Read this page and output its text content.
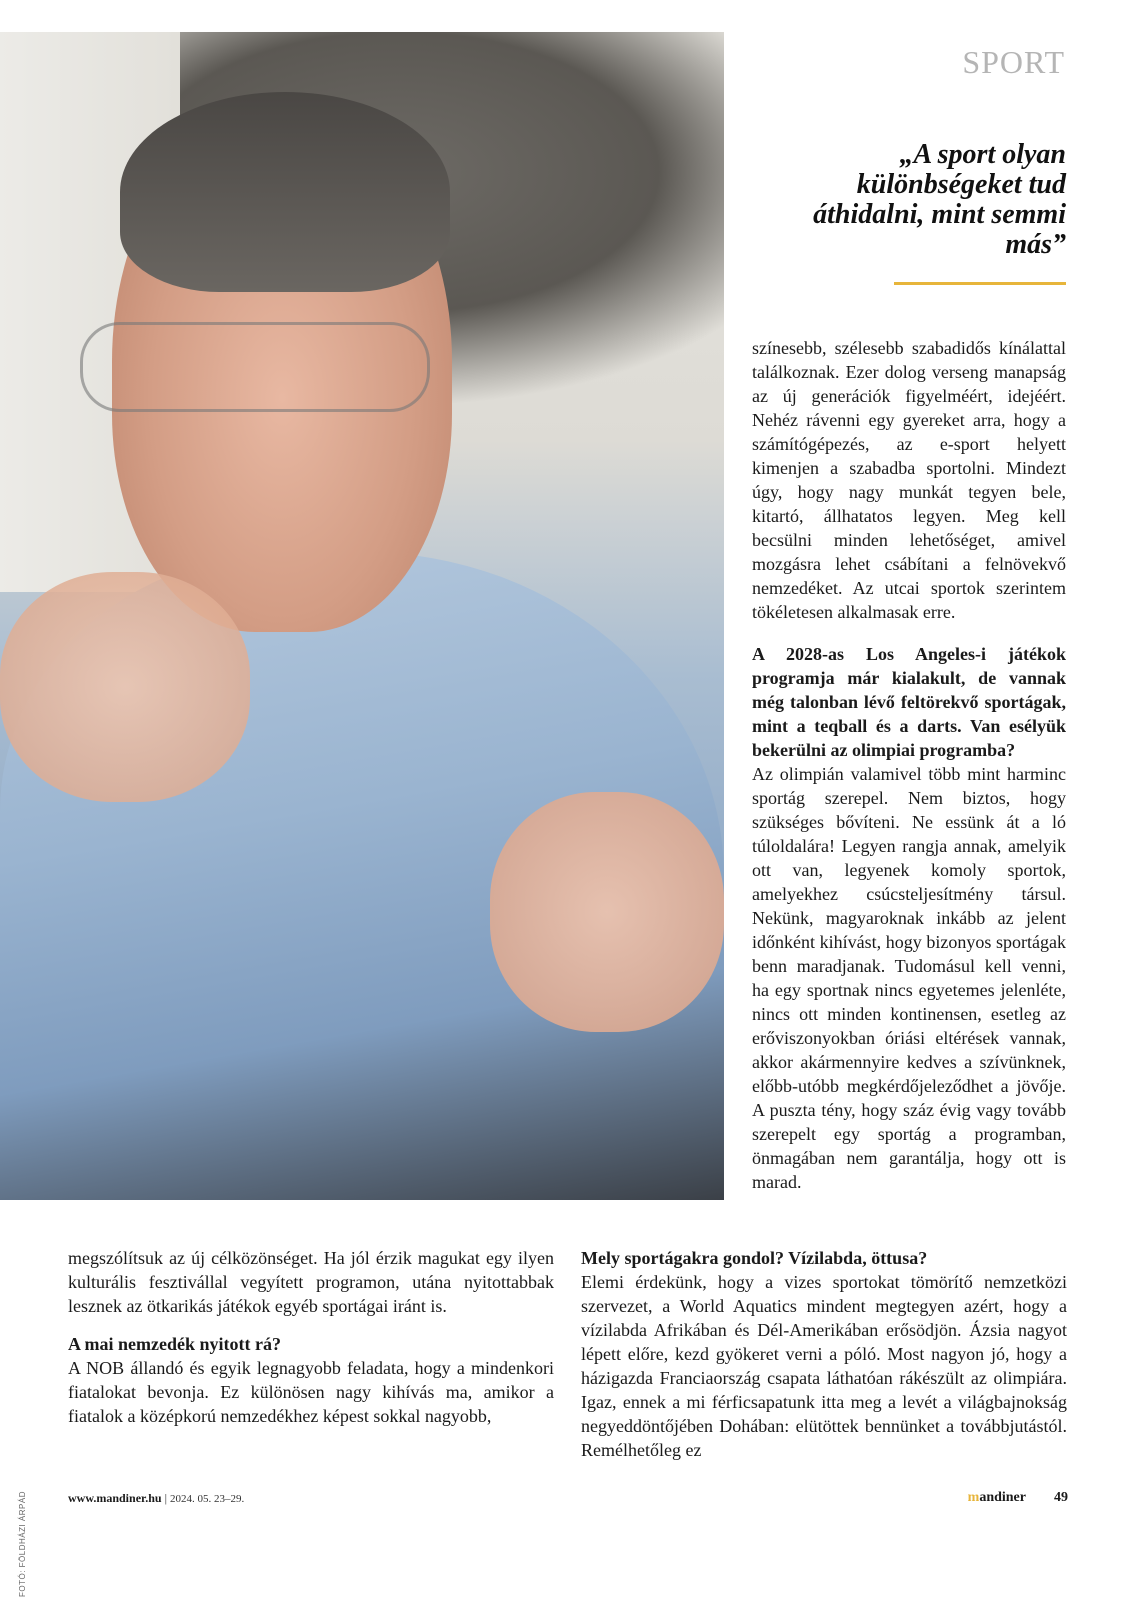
SPORT
„A sport olyan különbségeket tud áthidalni, mint semmi más”

színesebb, szélesebb szabadidős kínálattal találkoznak. Ezer dolog verseng manapság az új generációk figyelméért, idejéért. Nehéz rávenni egy gyereket arra, hogy a számítógépezés, az e-sport helyett kimenjen a szabadba sportolni. Mindezt úgy, hogy nagy munkát tegyen bele, kitartó, állhatatos legyen. Meg kell becsülni minden lehetőséget, amivel mozgásra lehet csábítani a felnövekvő nemzedéket. Az utcai sportok szerintem tökéletesen alkalmasak erre.

A 2028-as Los Angeles-i játékok programja már kialakult, de vannak még talonban lévő feltörekvő sportágak, mint a teqball és a darts. Van esélyük bekerülni az olimpiai programba?

Az olimpián valamivel több mint harminc sportág szerepel. Nem biztos, hogy szükséges bővíteni. Ne essünk át a ló túloldalára! Legyen rangja annak, amelyik ott van, legyenek komoly sportok, amelyekhez csúcsteljesítmény társul. Nekünk, magyaroknak inkább az jelent időnként kihívást, hogy bizonyos sportágak benn maradjanak. Tudomásul kell venni, ha egy sportnak nincs egyetemes jelenléte, nincs ott minden kontinensen, esetleg az erőviszonyokban óriási eltérések vannak, akkor akármennyire kedves a szívünknek, előbb-utóbb megkérdőjeleződhet a jövője. A puszta tény, hogy száz évig vagy tovább szerepelt egy sportág a programban, önmagában nem garantálja, hogy ott is marad.

megszólítsuk az új célközönséget. Ha jól érzik magukat egy ilyen kulturális fesztivállal vegyített programon, utána nyitottabbak lesznek az ötkarikás játékok egyéb sportágai iránt is.

A mai nemzedék nyitott rá?

A NOB állandó és egyik legnagyobb feladata, hogy a mindenkori fiatalokat bevonja. Ez különösen nagy kihívás ma, amikor a fiatalok a középkorú nemzedékhez képest sokkal nagyobb,

Mely sportágakra gondol? Vízilabda, öttusa?

Elemi érdekünk, hogy a vizes sportokat tömörítő nemzetközi szervezet, a World Aquatics mindent megtegyen azért, hogy a vízilabda Afrikában és Dél-Amerikában erősödjön. Ázsia nagyot lépett előre, kezd gyökeret verni a póló. Most nagyon jó, hogy a házigazda Franciaország csapata láthatóan rákészült az olimpiára. Igaz, ennek a mi férficsapatunk itta meg a levét a világbajnokság negyeddöntőjében Dohában: elütöttek bennünket a továbbjutástól. Remélhetőleg ez

FOTÓ: FÖLDHÁZI ÁRPÁD	www.mandiner.hu | 2024. 05. 23–29.	mandiner 49
